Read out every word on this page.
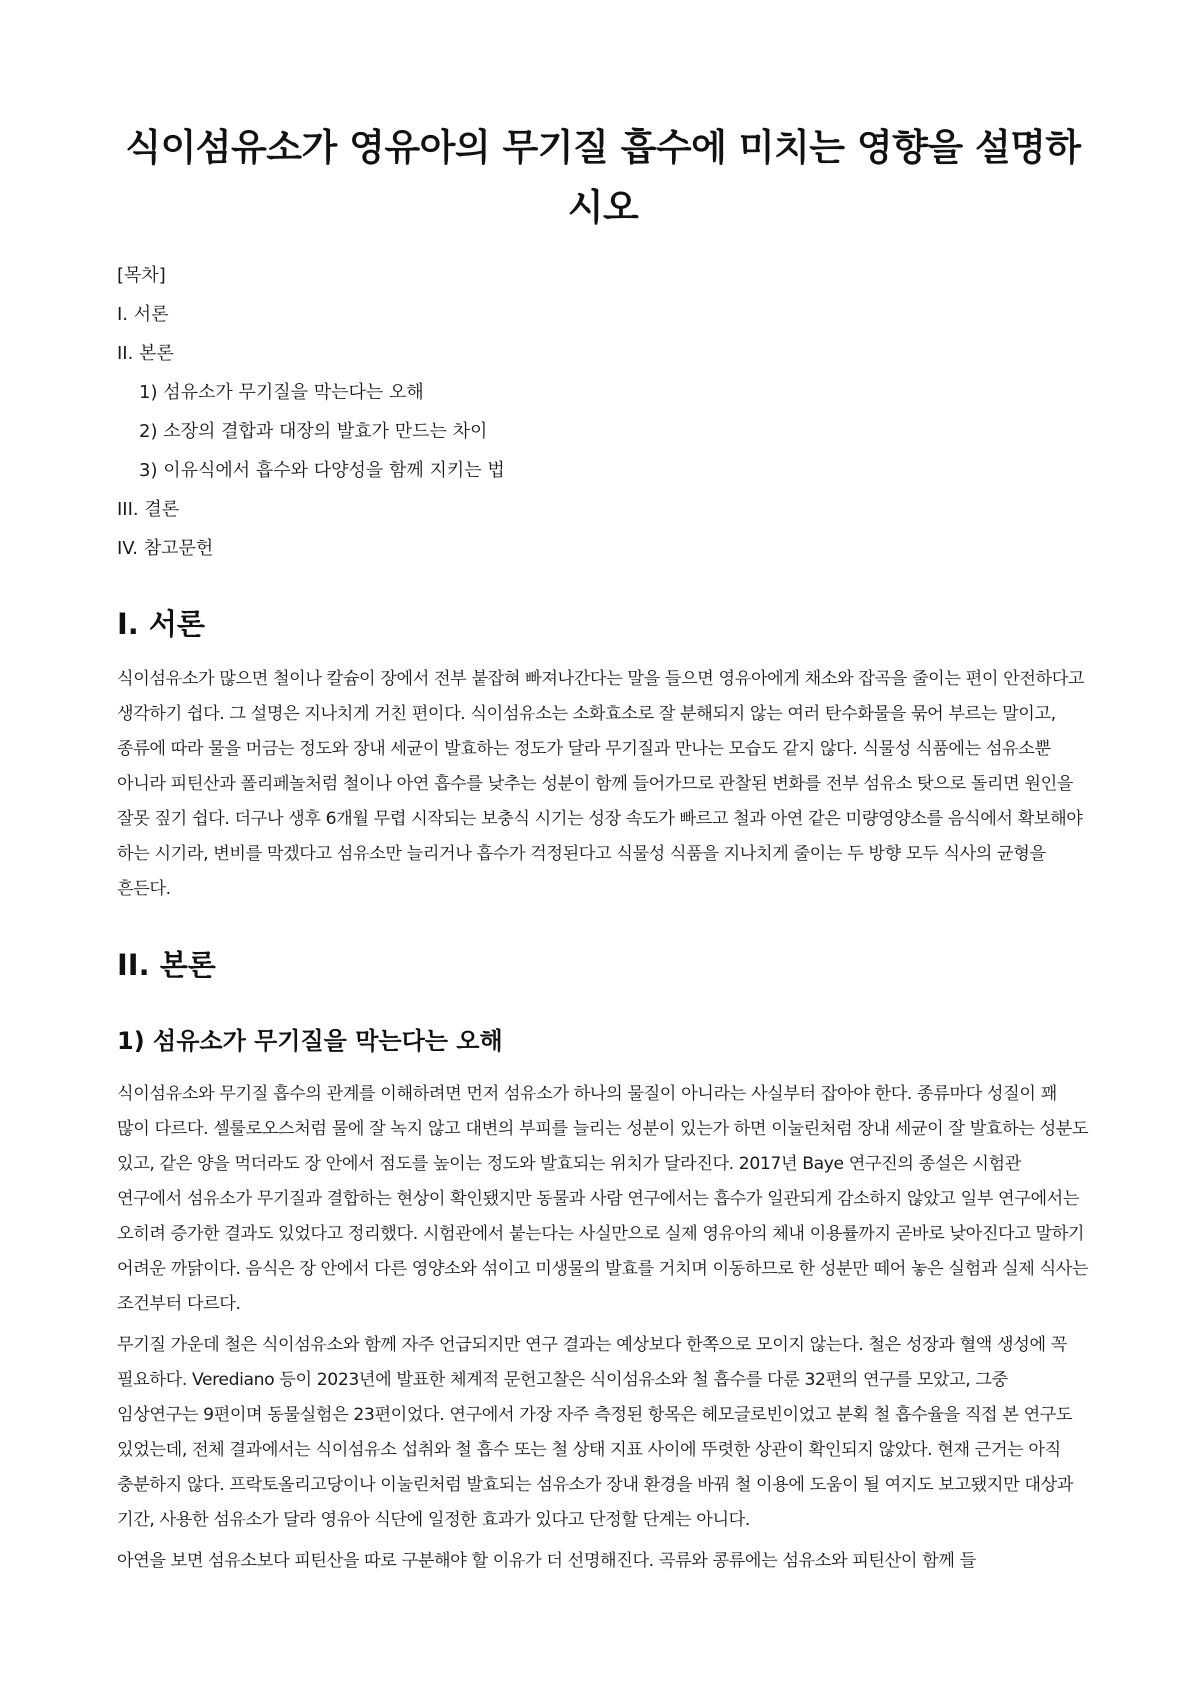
식이섬유소가 영유아의 무기질 흡수에 미치는 영향을 설명하시오
[목차]
I. 서론
II. 본론
1) 섬유소가 무기질을 막는다는 오해
2) 소장의 결합과 대장의 발효가 만드는 차이
3) 이유식에서 흡수와 다양성을 함께 지키는 법
III. 결론
IV. 참고문헌
I. 서론

식이섬유소가 많으면 철이나 칼슘이 장에서 전부 붙잡혀 빠져나간다는 말을 들으면 영유아에게 채소와 잡곡을 줄이는 편이 안전하다고 생각하기 쉽다. 그 설명은 지나치게 거친 편이다. 식이섬유소는 소화효소로 잘 분해되지 않는 여러 탄수화물을 묶어 부르는 말이고, 종류에 따라 물을 머금는 정도와 장내 세균이 발효하는 정도가 달라 무기질과 만나는 모습도 같지 않다. 식물성 식품에는 섬유소뿐 아니라 피틴산과 폴리페놀처럼 철이나 아연 흡수를 낮추는 성분이 함께 들어가므로 관찰된 변화를 전부 섬유소 탓으로 돌리면 원인을 잘못 짚기 쉽다. 더구나 생후 6개월 무렵 시작되는 보충식 시기는 성장 속도가 빠르고 철과 아연 같은 미량영양소를 음식에서 확보해야 하는 시기라, 변비를 막겠다고 섬유소만 늘리거나 흡수가 걱정된다고 식물성 식품을 지나치게 줄이는 두 방향 모두 식사의 균형을 흔든다.

II. 본론
1) 섬유소가 무기질을 막는다는 오해

식이섬유소와 무기질 흡수의 관계를 이해하려면 먼저 섬유소가 하나의 물질이 아니라는 사실부터 잡아야 한다. 종류마다 성질이 꽤 많이 다르다. 셀룰로오스처럼 물에 잘 녹지 않고 대변의 부피를 늘리는 성분이 있는가 하면 이눌린처럼 장내 세균이 잘 발효하는 성분도 있고, 같은 양을 먹더라도 장 안에서 점도를 높이는 정도와 발효되는 위치가 달라진다. 2017년 Baye 연구진의 종설은 시험관 연구에서 섬유소가 무기질과 결합하는 현상이 확인됐지만 동물과 사람 연구에서는 흡수가 일관되게 감소하지 않았고 일부 연구에서는 오히려 증가한 결과도 있었다고 정리했다. 시험관에서 붙는다는 사실만으로 실제 영유아의 체내 이용률까지 곧바로 낮아진다고 말하기 어려운 까닭이다. 음식은 장 안에서 다른 영양소와 섞이고 미생물의 발효를 거치며 이동하므로 한 성분만 떼어 놓은 실험과 실제 식사는 조건부터 다르다.

무기질 가운데 철은 식이섬유소와 함께 자주 언급되지만 연구 결과는 예상보다 한쪽으로 모이지 않는다. 철은 성장과 혈액 생성에 꼭 필요하다. Verediano 등이 2023년에 발표한 체계적 문헌고찰은 식이섬유소와 철 흡수를 다룬 32편의 연구를 모았고, 그중 임상연구는 9편이며 동물실험은 23편이었다. 연구에서 가장 자주 측정된 항목은 헤모글로빈이었고 분획 철 흡수율을 직접 본 연구도 있었는데, 전체 결과에서는 식이섬유소 섭취와 철 흡수 또는 철 상태 지표 사이에 뚜렷한 상관이 확인되지 않았다. 현재 근거는 아직 충분하지 않다. 프락토올리고당이나 이눌린처럼 발효되는 섬유소가 장내 환경을 바꿔 철 이용에 도움이 될 여지도 보고됐지만 대상과 기간, 사용한 섬유소가 달라 영유아 식단에 일정한 효과가 있다고 단정할 단계는 아니다.

아연을 보면 섬유소보다 피틴산을 따로 구분해야 할 이유가 더 선명해진다. 곡류와 콩류에는 섬유소와 피틴산이 함께 들
